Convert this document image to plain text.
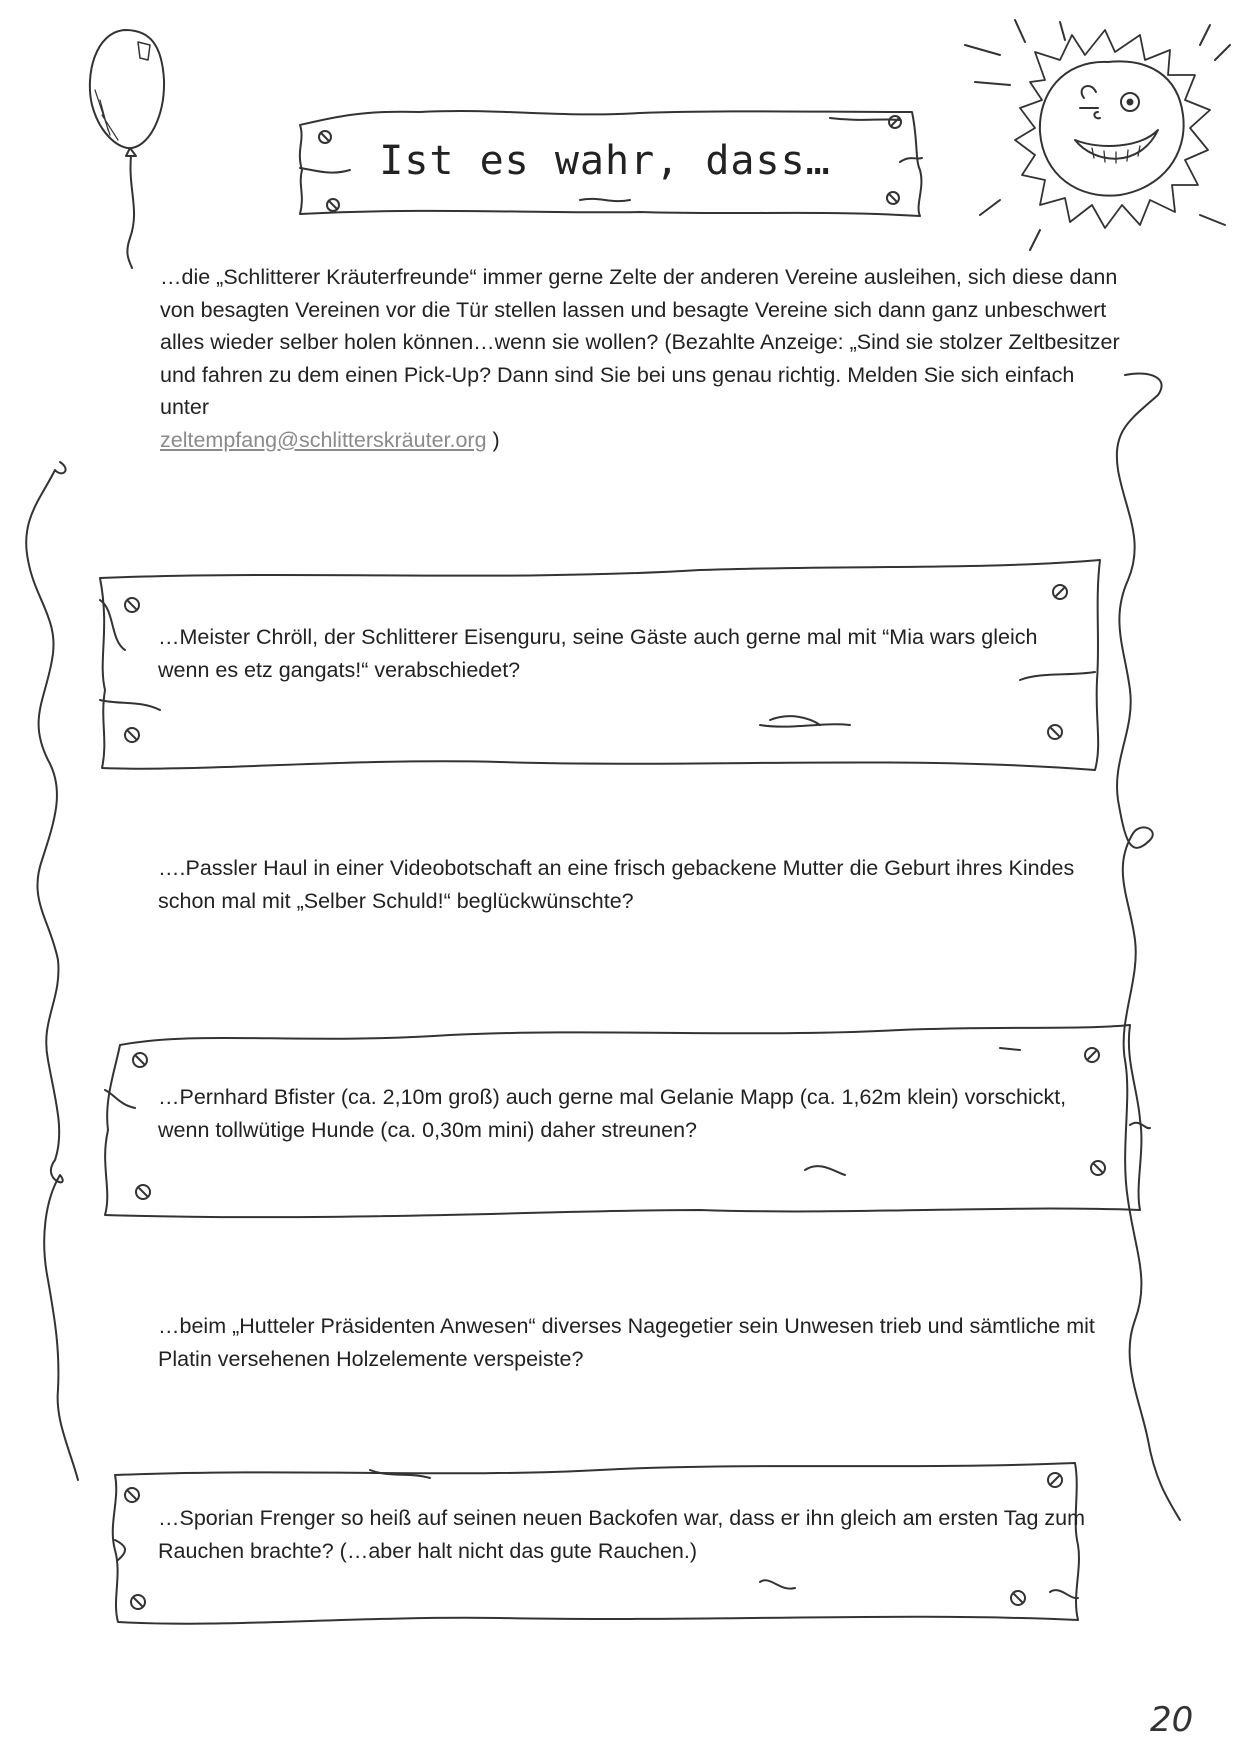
Ist es wahr, dass…
…die „Schlitterer Kräuterfreunde“ immer gerne Zelte der anderen Vereine ausleihen, sich diese dann von besagten Vereinen vor die Tür stellen lassen und besagte Vereine sich dann ganz unbeschwert alles wieder selber holen können…wenn sie wollen? (Bezahlte Anzeige: „Sind sie stolzer Zeltbesitzer und fahren zu dem einen Pick-Up? Dann sind Sie bei uns genau richtig. Melden Sie sich einfach unter
zeltempfang@schlitterskräuter.org )
…Meister Chröll, der Schlitterer Eisenguru, seine Gäste auch gerne mal mit “Mia wars gleich wenn es etz gangats!“ verabschiedet?
….Passler Haul in einer Videobotschaft an eine frisch gebackene Mutter die Geburt ihres Kindes schon mal mit „Selber Schuld!“ beglückwünschte?
…Pernhard Bfister (ca. 2,10m groß) auch gerne mal Gelanie Mapp (ca. 1,62m klein) vorschickt, wenn tollwütige Hunde (ca. 0,30m mini) daher streunen?
…beim „Hutteler Präsidenten Anwesen“ diverses Nagegetier sein Unwesen trieb und sämtliche mit Platin versehenen Holzelemente verspeiste?
…Sporian Frenger so heiß auf seinen neuen Backofen war, dass er ihn gleich am ersten Tag zum Rauchen brachte? (…aber halt nicht das gute Rauchen.)
20
